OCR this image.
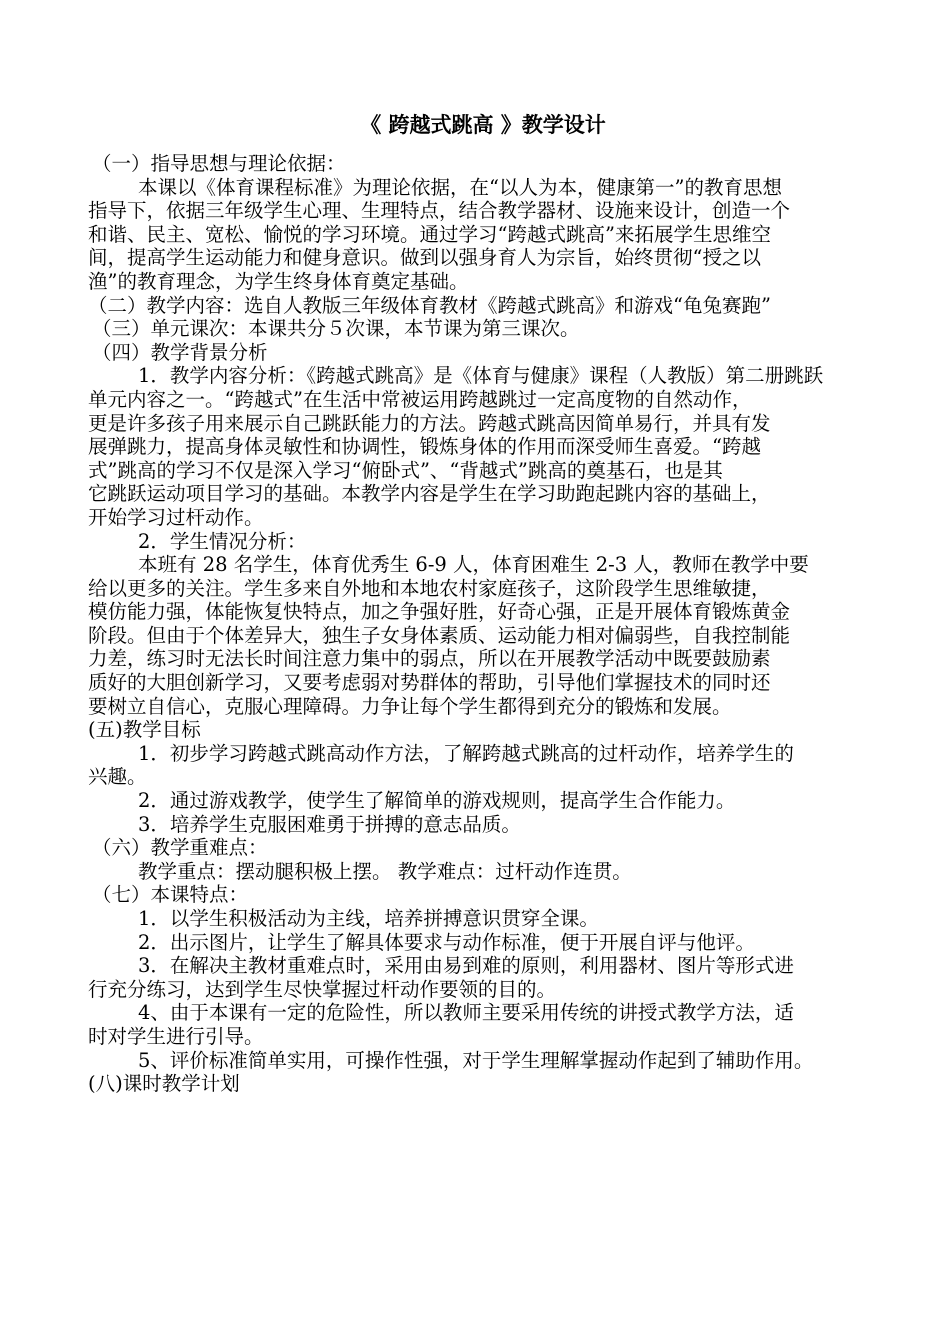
《 跨越式跳高 》教学设计

（一）指导思想与理论依据：

本课以《体育课程标准》为理论依据，在“以人为本，健康第一”的教育思想

指导下，依据三年级学生心理、生理特点，结合教学器材、设施来设计，创造一个

和谐、民主、宽松、愉悦的学习环境。通过学习“跨越式跳高”来拓展学生思维空

间，提高学生运动能力和健身意识。做到以强身育人为宗旨，始终贯彻“授之以

渔”的教育理念，为学生终身体育奠定基础。

（二）教学内容：选自人教版三年级体育教材《跨越式跳高》和游戏“龟兔赛跑”

（三）单元课次：本课共分５次课，本节课为第三课次。

（四）教学背景分析

1．教学内容分析：《跨越式跳高》是《体育与健康》课程（人教版）第二册跳跃

单元内容之一。“跨越式”在生活中常被运用跨越跳过一定高度物的自然动作，

更是许多孩子用来展示自己跳跃能力的方法。跨越式跳高因简单易行，并具有发

展弹跳力，提高身体灵敏性和协调性，锻炼身体的作用而深受师生喜爱。“跨越

式”跳高的学习不仅是深入学习“俯卧式”、“背越式”跳高的奠基石，也是其

它跳跃运动项目学习的基础。本教学内容是学生在学习助跑起跳内容的基础上，

开始学习过杆动作。

2．学生情况分析：

本班有 28 名学生，体育优秀生 6-9 人，体育困难生 2-3 人，教师在教学中要

给以更多的关注。学生多来自外地和本地农村家庭孩子，这阶段学生思维敏捷，

模仿能力强，体能恢复快特点，加之争强好胜，好奇心强，正是开展体育锻炼黄金

阶段。但由于个体差异大，独生子女身体素质、运动能力相对偏弱些，自我控制能

力差，练习时无法长时间注意力集中的弱点，所以在开展教学活动中既要鼓励素

质好的大胆创新学习，又要考虑弱对势群体的帮助，引导他们掌握技术的同时还

要树立自信心，克服心理障碍。力争让每个学生都得到充分的锻炼和发展。

(五)教学目标

1．初步学习跨越式跳高动作方法，了解跨越式跳高的过杆动作，培养学生的

兴趣。

2．通过游戏教学，使学生了解简单的游戏规则，提高学生合作能力。

3．培养学生克服困难勇于拼搏的意志品质。

（六）教学重难点：

教学重点：摆动腿积极上摆。 教学难点：过杆动作连贯。

（七）本课特点：

1．以学生积极活动为主线，培养拼搏意识贯穿全课。

2．出示图片，让学生了解具体要求与动作标准，便于开展自评与他评。

3．在解决主教材重难点时，采用由易到难的原则，利用器材、图片等形式进

行充分练习，达到学生尽快掌握过杆动作要领的目的。

4、由于本课有一定的危险性，所以教师主要采用传统的讲授式教学方法，适

时对学生进行引导。

5、评价标准简单实用，可操作性强，对于学生理解掌握动作起到了辅助作用。

(八)课时教学计划
